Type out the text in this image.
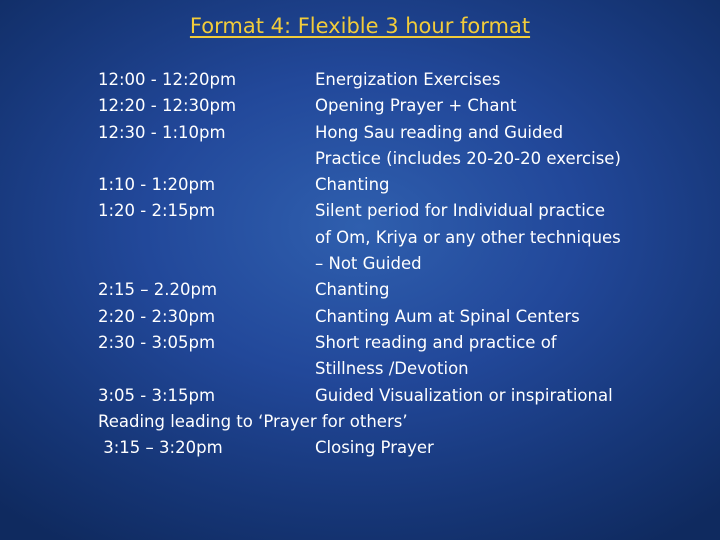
Format 4: Flexible 3 hour format
12:00 - 12:20pm	Energization Exercises
12:20 - 12:30pm	Opening Prayer + Chant
12:30 - 1:10pm	Hong Sau reading and Guided
Practice (includes 20-20-20 exercise)
1:10 - 1:20pm	Chanting
1:20 - 2:15pm	Silent period for Individual practice
of Om, Kriya or any other techniques
– Not Guided
2:15 – 2.20pm	Chanting
2:20 - 2:30pm	Chanting Aum at Spinal Centers
2:30 - 3:05pm	Short reading and practice of
Stillness /Devotion
3:05 - 3:15pm	Guided Visualization or inspirational
Reading leading to ‘Prayer for others’
3:15 – 3:20pm	Closing Prayer
